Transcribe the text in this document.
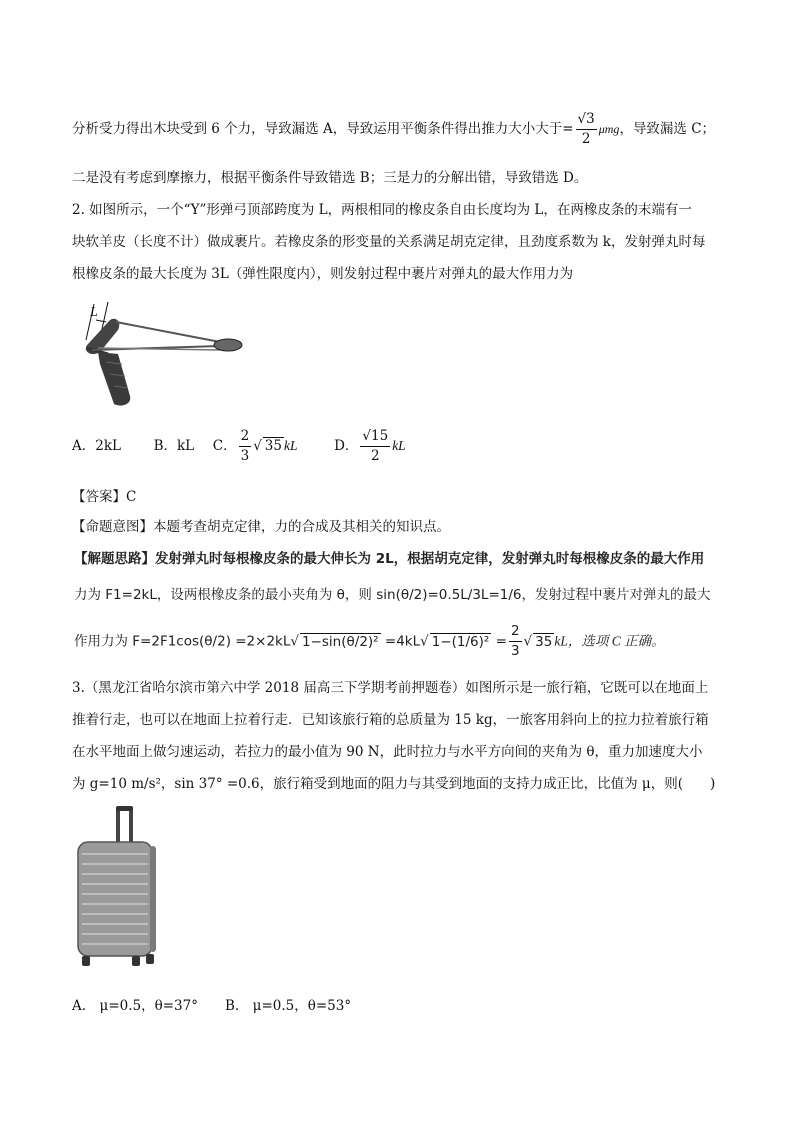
分析受力得出木块受到 6 个力，导致漏选 A，导致运用平衡条件得出推力大小大于= $\frac{√3}{2}$ μmg，导致漏选 C；
二是没有考虑到摩擦力，根据平衡条件导致错选 B；三是力的分解出错，导致错选 D。
2. 如图所示，一个“Y”形弹弓顶部跨度为 L，两根相同的橡皮条自由长度均为 L，在两橡皮条的末端有一
块软羊皮（长度不计）做成裹片。若橡皮条的形变量的关系满足胡克定律，且劲度系数为 k，发射弹丸时每
根橡皮条的最大长度为 3L（弹性限度内），则发射过程中裹片对弹丸的最大作用力为
L
A．2kL B．kL C． $\frac{2}{3}$ √ 35 kL	D． $\frac{√15}{2}$ kL
【答案】C
【命题意图】本题考查胡克定律，力的合成及其相关的知识点。
【解题思路】发射弹丸时每根橡皮条的最大伸长为 2L，根据胡克定律，发射弹丸时每根橡皮条的最大作用
力为 F1=2kL，设两根橡皮条的最小夹角为 θ，则 sin(θ/2)=0.5L/3L=1/6，发射过程中裹片对弹丸的最大
作用力为 F=2F1cos(θ/2) =2×2kL√ 1−sin(θ/2)² =4kL√ $1-(1/6)^2 = \frac{2}{3}$ √ 35 kL，选项 C 正确。
3.（黑龙江省哈尔滨市第六中学 2018 届高三下学期考前押题卷）如图所示是一旅行箱，它既可以在地面上
推着行走，也可以在地面上拉着行走．已知该旅行箱的总质量为 15 kg，一旅客用斜向上的拉力拉着旅行箱
在水平地面上做匀速运动，若拉力的最小值为 90 N，此时拉力与水平方向间的夹角为 θ，重力加速度大小
为 g=10 m/s²，sin 37° =0.6，旅行箱受到地面的阻力与其受到地面的支持力成正比，比值为 μ，则(　　)
A.　μ=0.5，θ=37°　　B.　μ=0.5，θ=53°
